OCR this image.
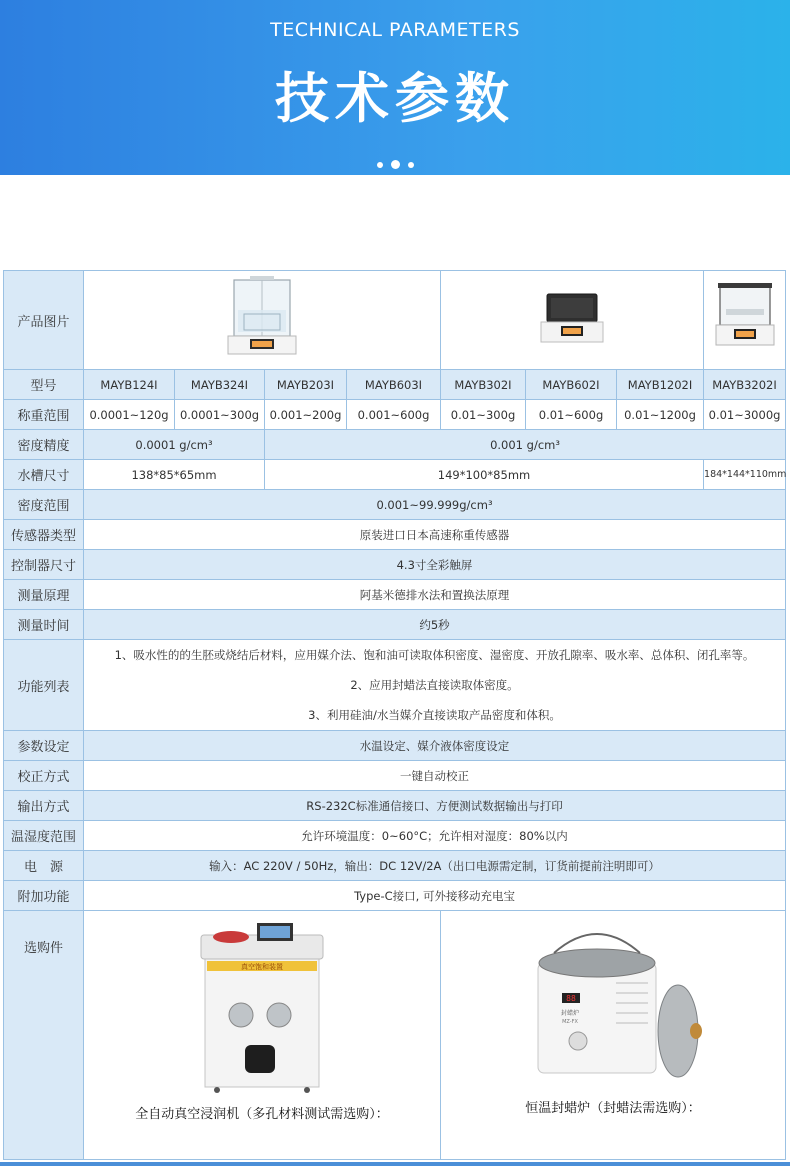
TECHNICAL PARAMETERS
技术参数
产品图片			
型号	MAYB124I	MAYB324I	MAYB203I	MAYB603I	MAYB302I	MAYB602I	MAYB1202I	MAYB3202I
称重范围	0.0001~120g	0.0001~300g	0.001~200g	0.001~600g	0.01~300g	0.01~600g	0.01~1200g	0.01~3000g
密度精度	0.0001 g/cm³		0.001 g/cm³					
水槽尺寸	138*85*65mm		149*100*85mm					184*144*110mm
密度范围	0.001~99.999g/cm³							
传感器类型	原装进口日本高速称重传感器							
控制器尺寸	4.3寸全彩触屏							
测量原理	阿基米德排水法和置换法原理							
测量时间	约5秒							
功能列表	1、吸水性的的生胚或烧结后材料，应用媒介法、饱和油可读取体积密度、湿密度、开放孔隙率、吸水率、总体积、闭孔率等。

2、应用封蜡法直接读取体密度。

3、利用硅油/水当媒介直接读取产品密度和体积。							

参数设定	水温设定、媒介液体密度设定							
校正方式	一键自动校正							
输出方式	RS-232C标准通信接口、方便测试数据输出与打印							
温湿度范围	允许环境温度：0~60°C；允许相对湿度：80%以内							
电　源	输入：AC 220V / 50Hz，输出：DC 12V/2A（出口电源需定制，订货前提前注明即可）							
附加功能	Type-C接口, 可外接移动充电宝							
选购件	真空饱和装置
全自动真空浸润机（多孔材料测试需选购）：				88
封蜡炉
MZ-FX
恒温封蜡炉（封蜡法需选购）：			
